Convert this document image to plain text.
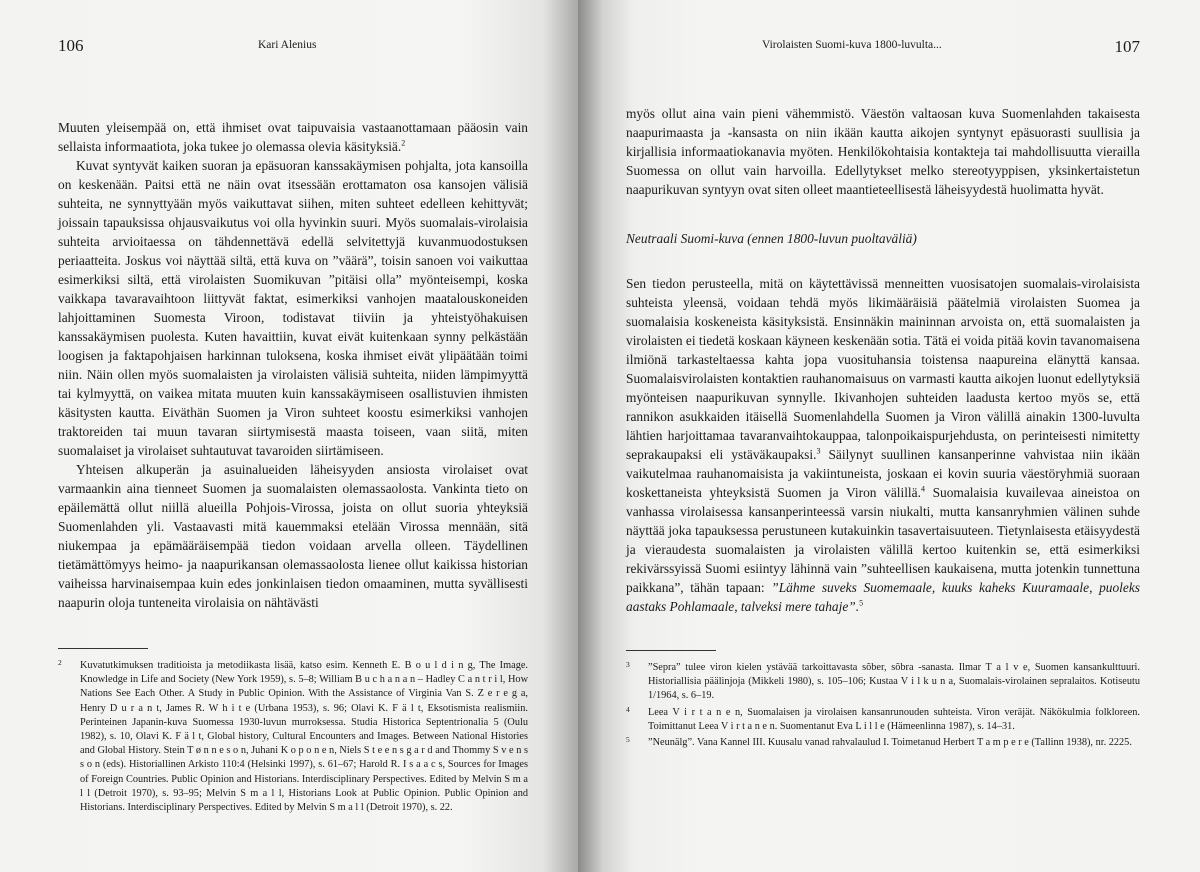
106	Kari Alenius

Muuten yleisempää on, että ihmiset ovat taipuvaisia vastaanottamaan pääosin vain sellaista informaatiota, joka tukee jo olemassa olevia käsityksiä.$^2$

Kuvat syntyvät kaiken suoran ja epäsuoran kanssakäymisen pohjalta, jota kansoilla on keskenään. Paitsi että ne näin ovat itsessään erottamaton osa kansojen välisiä suhteita, ne synnyttyään myös vaikuttavat siihen, miten suhteet edelleen kehittyvät; joissain tapauksissa ohjausvaikutus voi olla hyvinkin suuri. Myös suomalais-virolaisia suhteita arvioitaessa on tähdennettävä edellä selvitettyjä kuvanmuodostuksen periaatteita. Joskus voi näyttää siltä, että kuva on ”väärä”, toisin sanoen voi vaikuttaa esimerkiksi siltä, että virolaisten Suomikuvan ”pitäisi olla” myönteisempi, koska vaikkapa tavaravaihtoon liittyvät faktat, esimerkiksi vanhojen maatalouskoneiden lahjoittaminen Suomesta Viroon, todistavat tiiviin ja yhteistyöhakuisen kanssakäymisen puolesta. Kuten havaittiin, kuvat eivät kuitenkaan synny pelkästään loogisen ja faktapohjaisen harkinnan tuloksena, koska ihmiset eivät ylipäätään toimi niin. Näin ollen myös suomalaisten ja virolaisten välisiä suhteita, niiden lämpimyyttä tai kylmyyttä, on vaikea mitata muuten kuin kanssakäymiseen osallistuvien ihmisten käsitysten kautta. Eiväthän Suomen ja Viron suhteet koostu esimerkiksi vanhojen traktoreiden tai muun tavaran siirtymisestä maasta toiseen, vaan siitä, miten suomalaiset ja virolaiset suhtautuvat tavaroiden siirtämiseen.

Yhteisen alkuperän ja asuinalueiden läheisyyden ansiosta virolaiset ovat varmaankin aina tienneet Suomen ja suomalaisten olemassaolosta. Vankinta tieto on epäilemättä ollut niillä alueilla Pohjois-Virossa, joista on ollut suoria yhteyksiä Suomenlahden yli. Vastaavasti mitä kauemmaksi etelään Virossa mennään, sitä niukempaa ja epämääräisempää tiedon voidaan arvella olleen. Täydellinen tietämättömyys heimo- ja naapurikansan olemassaolosta lienee ollut kaikissa historian vaiheissa harvinaisempaa kuin edes jonkinlaisen tiedon omaaminen, mutta syvällisesti naapurin oloja tunteneita virolaisia on nähtävästi

2 Kuvatutkimuksen traditioista ja metodiikasta lisää, katso esim. Kenneth E. B o u l d i n g, The Image. Knowledge in Life and Society (New York 1959), s. 5–8; William B u c h a n a n – Hadley C a n t r i l, How Nations See Each Other. A Study in Public Opinion. With the Assistance of Virginia Van S. Z e r e g a, Henry D u r a n t, James R. W h i t e (Urbana 1953), s. 96; Olavi K. F ä l t, Eksotismista realismiin. Perinteinen Japanin-kuva Suomessa 1930-luvun murroksessa. Studia Historica Septentrionalia 5 (Oulu 1982), s. 10, Olavi K. F ä l t, Global history, Cultural Encounters and Images. Between National Histories and Global History. Stein T ø n n e s o n, Juhani K o p o n e n, Niels S t e e n s g a r d and Thommy S v e n s s o n (eds). Historiallinen Arkisto 110:4 (Helsinki 1997), s. 61–67; Harold R. I s a a c s, Sources for Images of Foreign Countries. Public Opinion and Historians. Interdisciplinary Perspectives. Edited by Melvin S m a l l (Detroit 1970), s. 93–95; Melvin S m a l l, Historians Look at Public Opinion. Public Opinion and Historians. Interdisciplinary Perspectives. Edited by Melvin S m a l l (Detroit 1970), s. 22.
Virolaisten Suomi-kuva 1800-luvulta...	107

myös ollut aina vain pieni vähemmistö. Väestön valtaosan kuva Suomenlahden takaisesta naapurimaasta ja -kansasta on niin ikään kautta aikojen syntynyt epäsuorasti suullisia ja kirjallisia informaatiokanavia myöten. Henkilökohtaisia kontakteja tai mahdollisuutta vierailla Suomessa on ollut vain harvoilla. Edellytykset melko stereotyyppisen, yksinkertaistetun naapurikuvan syntyyn ovat siten olleet maantieteellisestä läheisyydestä huolimatta hyvät.

Neutraali Suomi-kuva (ennen 1800-luvun puoltaväliä)

Sen tiedon perusteella, mitä on käytettävissä menneitten vuosisatojen suomalais-virolaisista suhteista yleensä, voidaan tehdä myös likimääräisiä päätelmiä virolaisten Suomea ja suomalaisia koskeneista käsityksistä. Ensinnäkin maininnan arvoista on, että suomalaisten ja virolaisten ei tiedetä koskaan käyneen keskenään sotia. Tätä ei voida pitää kovin tavanomaisena ilmiönä tarkasteltaessa kahta jopa vuosituhansia toistensa naapureina elänyttä kansaa. Suomalaisvirolaisten kontaktien rauhanomaisuus on varmasti kautta aikojen luonut edellytyksiä myönteisen naapurikuvan synnylle. Ikivanhojen suhteiden laadusta kertoo myös se, että rannikon asukkaiden itäisellä Suomenlahdella Suomen ja Viron välillä ainakin 1300-luvulta lähtien harjoittamaa tavaranvaihtokauppaa, talonpoikaispurjehdusta, on perinteisesti nimitetty seprakaupaksi eli ystäväkaupaksi.$^3$ Säilynyt suullinen kansanperinne vahvistaa niin ikään vaikutelmaa rauhanomaisista ja vakiintuneista, joskaan ei kovin suuria väestöryhmiä suoraan koskettaneista yhteyksistä Suomen ja Viron välillä.$^4$ Suomalaisia kuvailevaa aineistoa on vanhassa virolaisessa kansanperinteessä varsin niukalti, mutta kansanryhmien välinen suhde näyttää joka tapauksessa perustuneen kutakuinkin tasavertaisuuteen. Tietynlaisesta etäisyydestä ja vieraudesta suomalaisten ja virolaisten välillä kertoo kuitenkin se, että esimerkiksi rekivärssyissä Suomi esiintyy lähinnä vain ”suhteellisen kaukaisena, mutta jotenkin tunnettuna paikkana”, tähän tapaan: ”Lähme suveks Suomemaale, kuuks kaheks Kuuramaale, puoleks aastaks Pohlamaale, talveksi mere tahaje”.$^5$

3 ”Sepra” tulee viron kielen ystävää tarkoittavasta sõber, sõbra -sanasta. Ilmar T a l v e, Suomen kansankulttuuri. Historiallisia päälinjoja (Mikkeli 1980), s. 105–106; Kustaa V i l k u n a, Suomalais-virolainen sepralaitos. Kotiseutu 1/1964, s. 6–19.
4 Leea V i r t a n e n, Suomalaisen ja virolaisen kansanrunouden suhteista. Viron veräjät. Näkökulmia folkloreen. Toimittanut Leea V i r t a n e n. Suomentanut Eva L i l l e (Hämeenlinna 1987), s. 14–31.
5 ”Neunälg”. Vana Kannel III. Kuusalu vanad rahvalaulud I. Toimetanud Herbert T a m p e r e (Tallinn 1938), nr. 2225.
